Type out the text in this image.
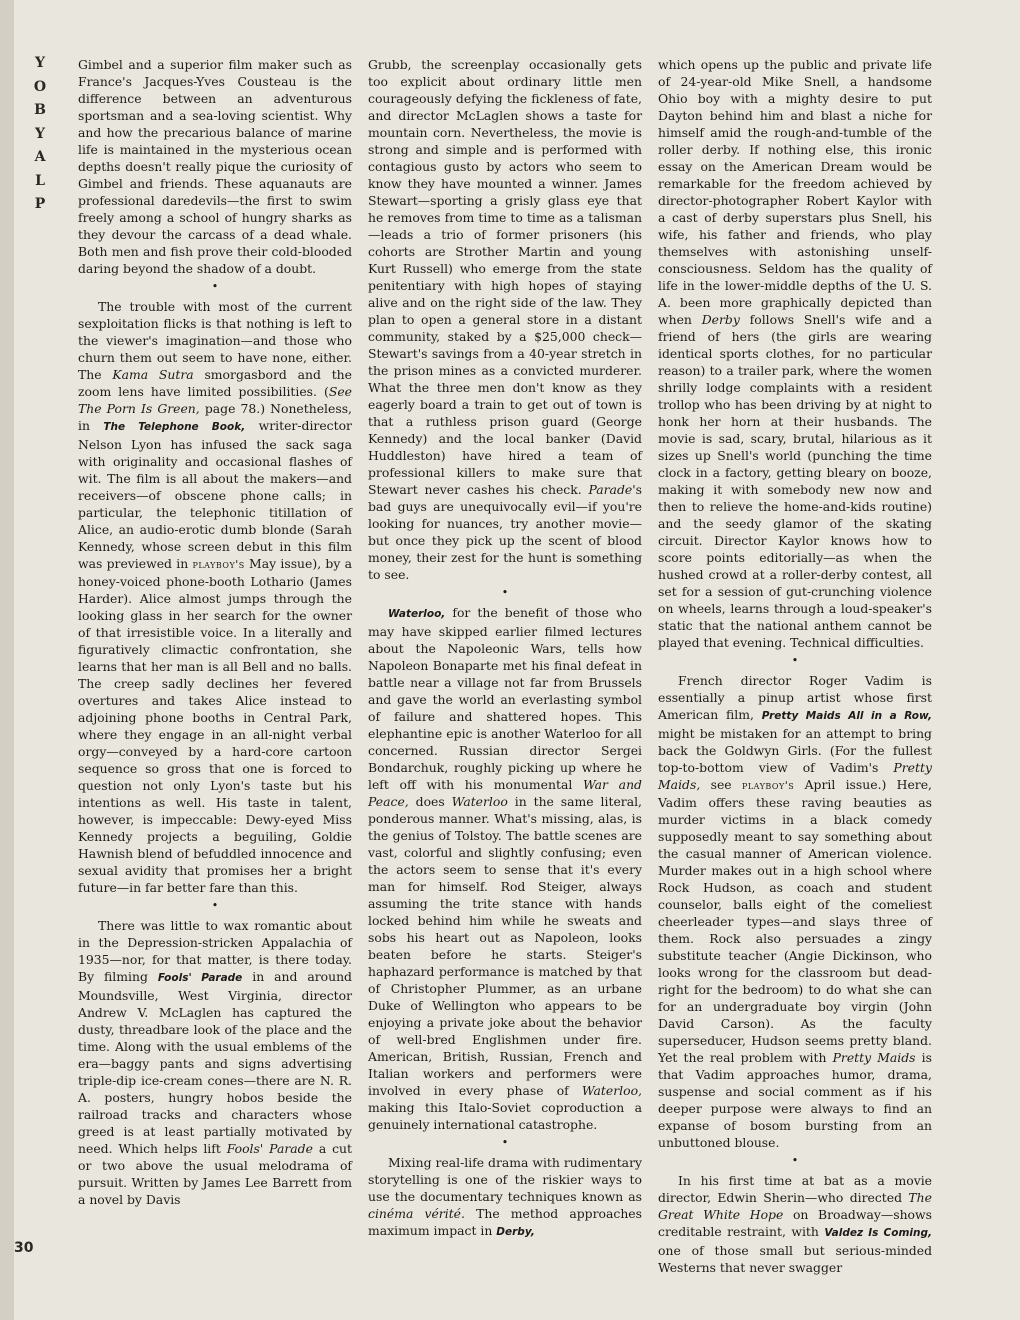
Y
O
B
Y
A
L
P
30

Gimbel and a superior film maker such as France's Jacques-Yves Cousteau is the difference between an adventurous sportsman and a sea-loving scientist. Why and how the precarious balance of marine life is maintained in the mysterious ocean depths doesn't really pique the curiosity of Gimbel and friends. These aquanauts are professional daredevils—the first to swim freely among a school of hungry sharks as they devour the carcass of a dead whale. Both men and fish prove their cold-blooded daring beyond the shadow of a doubt.

•

The trouble with most of the current sexploitation flicks is that nothing is left to the viewer's imagination—and those who churn them out seem to have none, either. The Kama Sutra smorgasbord and the zoom lens have limited possibilities. (See The Porn Is Green, page 78.) Nonetheless, in The Telephone Book, writer-director Nelson Lyon has infused the sack saga with originality and occasional flashes of wit. The film is all about the makers—and receivers—of obscene phone calls; in particular, the telephonic titillation of Alice, an audio-erotic dumb blonde (Sarah Kennedy, whose screen debut in this film was previewed in playboy's May issue), by a honey-voiced phone-booth Lothario (James Harder). Alice almost jumps through the looking glass in her search for the owner of that irresistible voice. In a literally and figuratively climactic confrontation, she learns that her man is all Bell and no balls. The creep sadly declines her fevered overtures and takes Alice instead to adjoining phone booths in Central Park, where they engage in an all-night verbal orgy—conveyed by a hard-core cartoon sequence so gross that one is forced to question not only Lyon's taste but his intentions as well. His taste in talent, however, is impeccable: Dewy-eyed Miss Kennedy projects a beguiling, Goldie Hawnish blend of befuddled innocence and sexual avidity that promises her a bright future—in far better fare than this.

•

There was little to wax romantic about in the Depression-stricken Appalachia of 1935—nor, for that matter, is there today. By filming Fools' Parade in and around Moundsville, West Virginia, director Andrew V. McLaglen has captured the dusty, threadbare look of the place and the time. Along with the usual emblems of the era—baggy pants and signs advertising triple-dip ice-cream cones—there are N. R. A. posters, hungry hobos beside the railroad tracks and characters whose greed is at least partially motivated by need. Which helps lift Fools' Parade a cut or two above the usual melodrama of pursuit. Written by James Lee Barrett from a novel by Davis

Grubb, the screenplay occasionally gets too explicit about ordinary little men courageously defying the fickleness of fate, and director McLaglen shows a taste for mountain corn. Nevertheless, the movie is strong and simple and is performed with contagious gusto by actors who seem to know they have mounted a winner. James Stewart—sporting a grisly glass eye that he removes from time to time as a talisman—leads a trio of former prisoners (his cohorts are Strother Martin and young Kurt Russell) who emerge from the state penitentiary with high hopes of staying alive and on the right side of the law. They plan to open a general store in a distant community, staked by a $25,000 check—Stewart's savings from a 40-year stretch in the prison mines as a convicted murderer. What the three men don't know as they eagerly board a train to get out of town is that a ruthless prison guard (George Kennedy) and the local banker (David Huddleston) have hired a team of professional killers to make sure that Stewart never cashes his check. Parade's bad guys are unequivocally evil—if you're looking for nuances, try another movie—but once they pick up the scent of blood money, their zest for the hunt is something to see.

•

Waterloo, for the benefit of those who may have skipped earlier filmed lectures about the Napoleonic Wars, tells how Napoleon Bonaparte met his final defeat in battle near a village not far from Brussels and gave the world an everlasting symbol of failure and shattered hopes. This elephantine epic is another Waterloo for all concerned. Russian director Sergei Bondarchuk, roughly picking up where he left off with his monumental War and Peace, does Waterloo in the same literal, ponderous manner. What's missing, alas, is the genius of Tolstoy. The battle scenes are vast, colorful and slightly confusing; even the actors seem to sense that it's every man for himself. Rod Steiger, always assuming the trite stance with hands locked behind him while he sweats and sobs his heart out as Napoleon, looks beaten before he starts. Steiger's haphazard performance is matched by that of Christopher Plummer, as an urbane Duke of Wellington who appears to be enjoying a private joke about the behavior of well-bred Englishmen under fire. American, British, Russian, French and Italian workers and performers were involved in every phase of Waterloo, making this Italo-Soviet coproduction a genuinely international catastrophe.

•

Mixing real-life drama with rudimentary storytelling is one of the riskier ways to use the documentary techniques known as cinéma vérité. The method approaches maximum impact in Derby,

which opens up the public and private life of 24-year-old Mike Snell, a handsome Ohio boy with a mighty desire to put Dayton behind him and blast a niche for himself amid the rough-and-tumble of the roller derby. If nothing else, this ironic essay on the American Dream would be remarkable for the freedom achieved by director-photographer Robert Kaylor with a cast of derby superstars plus Snell, his wife, his father and friends, who play themselves with astonishing unself-consciousness. Seldom has the quality of life in the lower-middle depths of the U. S. A. been more graphically depicted than when Derby follows Snell's wife and a friend of hers (the girls are wearing identical sports clothes, for no particular reason) to a trailer park, where the women shrilly lodge complaints with a resident trollop who has been driving by at night to honk her horn at their husbands. The movie is sad, scary, brutal, hilarious as it sizes up Snell's world (punching the time clock in a factory, getting bleary on booze, making it with somebody new now and then to relieve the home-and-kids routine) and the seedy glamor of the skating circuit. Director Kaylor knows how to score points editorially—as when the hushed crowd at a roller-derby contest, all set for a session of gut-crunching violence on wheels, learns through a loud-speaker's static that the national anthem cannot be played that evening. Technical difficulties.

•

French director Roger Vadim is essentially a pinup artist whose first American film, Pretty Maids All in a Row, might be mistaken for an attempt to bring back the Goldwyn Girls. (For the fullest top-to-bottom view of Vadim's Pretty Maids, see playboy's April issue.) Here, Vadim offers these raving beauties as murder victims in a black comedy supposedly meant to say something about the casual manner of American violence. Murder makes out in a high school where Rock Hudson, as coach and student counselor, balls eight of the comeliest cheerleader types—and slays three of them. Rock also persuades a zingy substitute teacher (Angie Dickinson, who looks wrong for the classroom but dead-right for the bedroom) to do what she can for an undergraduate boy virgin (John David Carson). As the faculty superseducer, Hudson seems pretty bland. Yet the real problem with Pretty Maids is that Vadim approaches humor, drama, suspense and social comment as if his deeper purpose were always to find an expanse of bosom bursting from an unbuttoned blouse.

•

In his first time at bat as a movie director, Edwin Sherin—who directed The Great White Hope on Broadway—shows creditable restraint, with Valdez Is Coming, one of those small but serious-minded Westerns that never swagger
